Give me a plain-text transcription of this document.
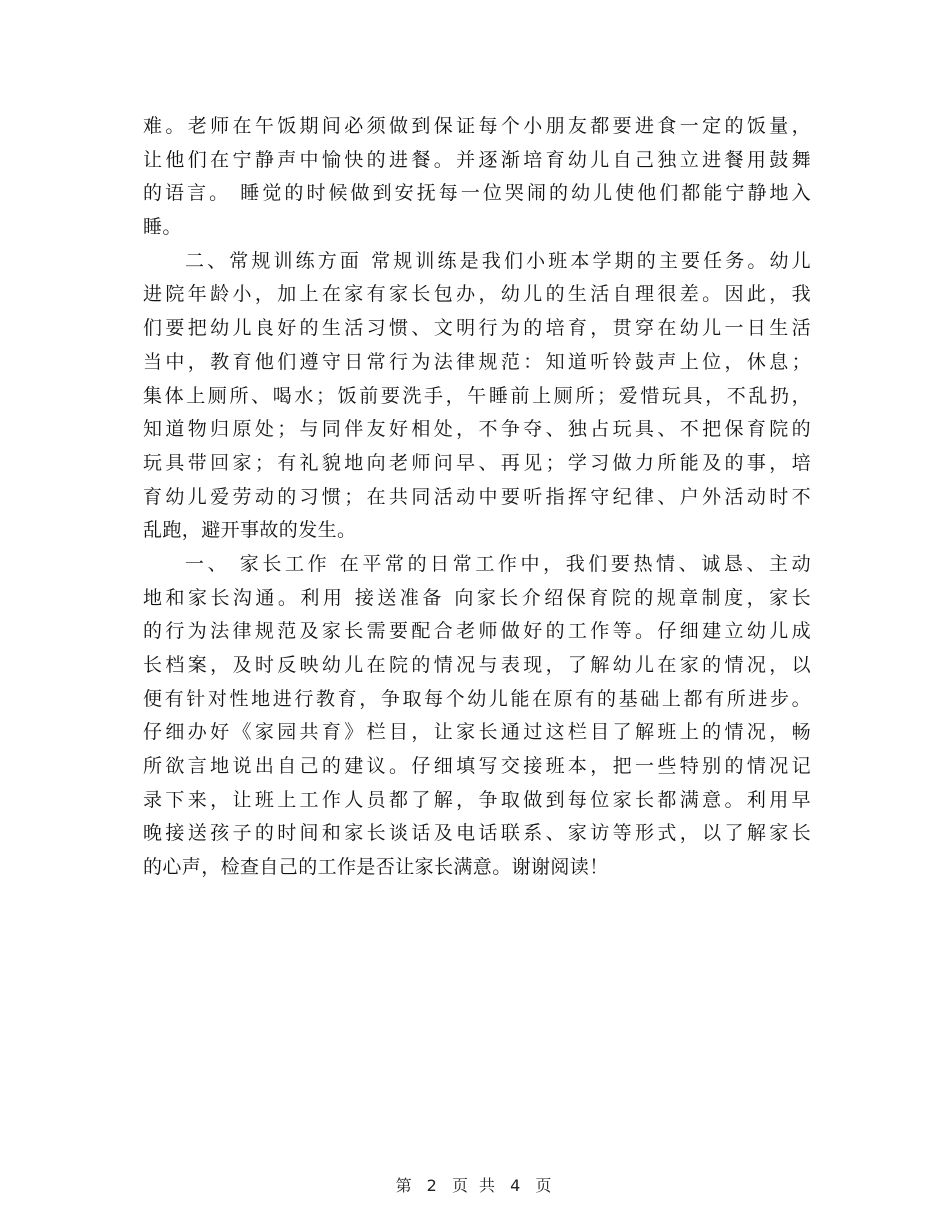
难。老师在午饭期间必须做到保证每个小朋友都要进食一定的饭量，
让他们在宁静声中愉快的进餐。并逐渐培育幼儿自己独立进餐用鼓舞
的语言。 睡觉的时候做到安抚每一位哭闹的幼儿使他们都能宁静地入
睡。
二、常规训练方面 常规训练是我们小班本学期的主要任务。幼儿
进院年龄小，加上在家有家长包办，幼儿的生活自理很差。因此，我
们要把幼儿良好的生活习惯、文明行为的培育，贯穿在幼儿一日生活
当中，教育他们遵守日常行为法律规范：知道听铃鼓声上位，休息；
集体上厕所、喝水；饭前要洗手，午睡前上厕所；爱惜玩具，不乱扔，
知道物归原处；与同伴友好相处，不争夺、独占玩具、不把保育院的
玩具带回家；有礼貌地向老师问早、再见；学习做力所能及的事，培
育幼儿爱劳动的习惯；在共同活动中要听指挥守纪律、户外活动时不
乱跑，避开事故的发生。
一、 家长工作 在平常的日常工作中，我们要热情、诚恳、主动
地和家长沟通。利用 接送准备 向家长介绍保育院的规章制度，家长
的行为法律规范及家长需要配合老师做好的工作等。仔细建立幼儿成
长档案，及时反映幼儿在院的情况与表现，了解幼儿在家的情况，以
便有针对性地进行教育，争取每个幼儿能在原有的基础上都有所进步。
仔细办好《家园共育》栏目，让家长通过这栏目了解班上的情况，畅
所欲言地说出自己的建议。仔细填写交接班本，把一些特别的情况记
录下来，让班上工作人员都了解，争取做到每位家长都满意。利用早
晚接送孩子的时间和家长谈话及电话联系、家访等形式，以了解家长
的心声，检查自己的工作是否让家长满意。谢谢阅读！
第 2 页 共 4 页
